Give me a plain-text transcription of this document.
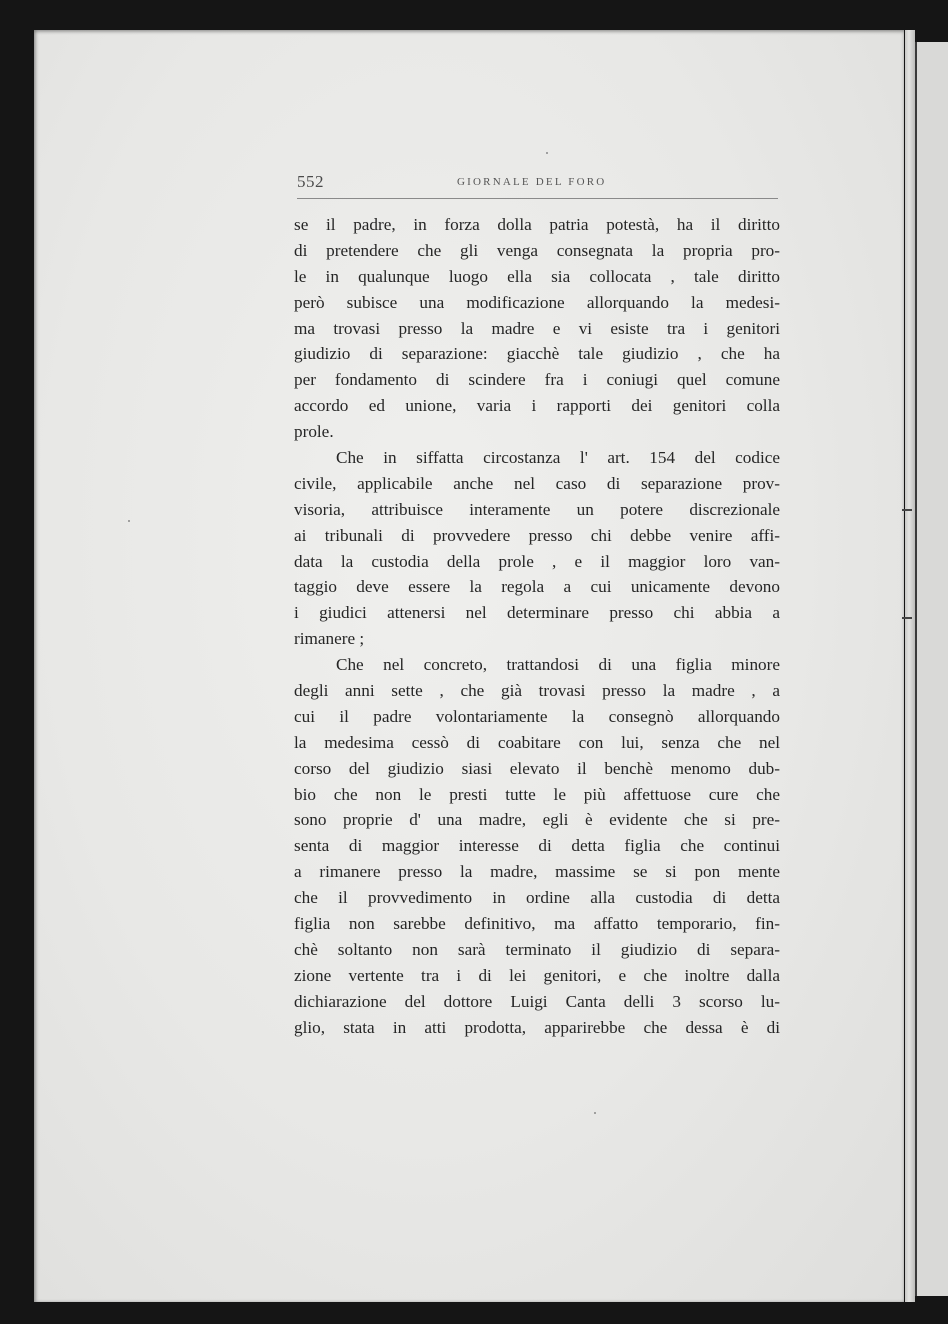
552	GIORNALE DEL FORO
se il padre, in forza dolla patria potestà, ha il diritto
di pretendere che gli venga consegnata la propria pro-
le in qualunque luogo ella sia collocata , tale diritto
però subisce una modificazione allorquando la medesi-
ma trovasi presso la madre e vi esiste tra i genitori
giudizio di separazione: giacchè tale giudizio , che ha
per fondamento di scindere fra i coniugi quel comune
accordo ed unione, varia i rapporti dei genitori colla
prole.
Che in siffatta circostanza l' art. 154 del codice
civile, applicabile anche nel caso di separazione prov-
visoria, attribuisce interamente un potere discrezionale
ai tribunali di provvedere presso chi debbe venire affi-
data la custodia della prole , e il maggior loro van-
taggio deve essere la regola a cui unicamente devono
i giudici attenersi nel determinare presso chi abbia a
rimanere ;
Che nel concreto, trattandosi di una figlia minore
degli anni sette , che già trovasi presso la madre , a
cui il padre volontariamente la consegnò allorquando
la medesima cessò di coabitare con lui, senza che nel
corso del giudizio siasi elevato il benchè menomo dub-
bio che non le presti tutte le più affettuose cure che
sono proprie d' una madre, egli è evidente che si pre-
senta di maggior interesse di detta figlia che continui
a rimanere presso la madre, massime se si pon mente
che il provvedimento in ordine alla custodia di detta
figlia non sarebbe definitivo, ma affatto temporario, fin-
chè soltanto non sarà terminato il giudizio di separa-
zione vertente tra i di lei genitori, e che inoltre dalla
dichiarazione del dottore Luigi Canta delli 3 scorso lu-
glio, stata in atti prodotta, apparirebbe che dessa è di
